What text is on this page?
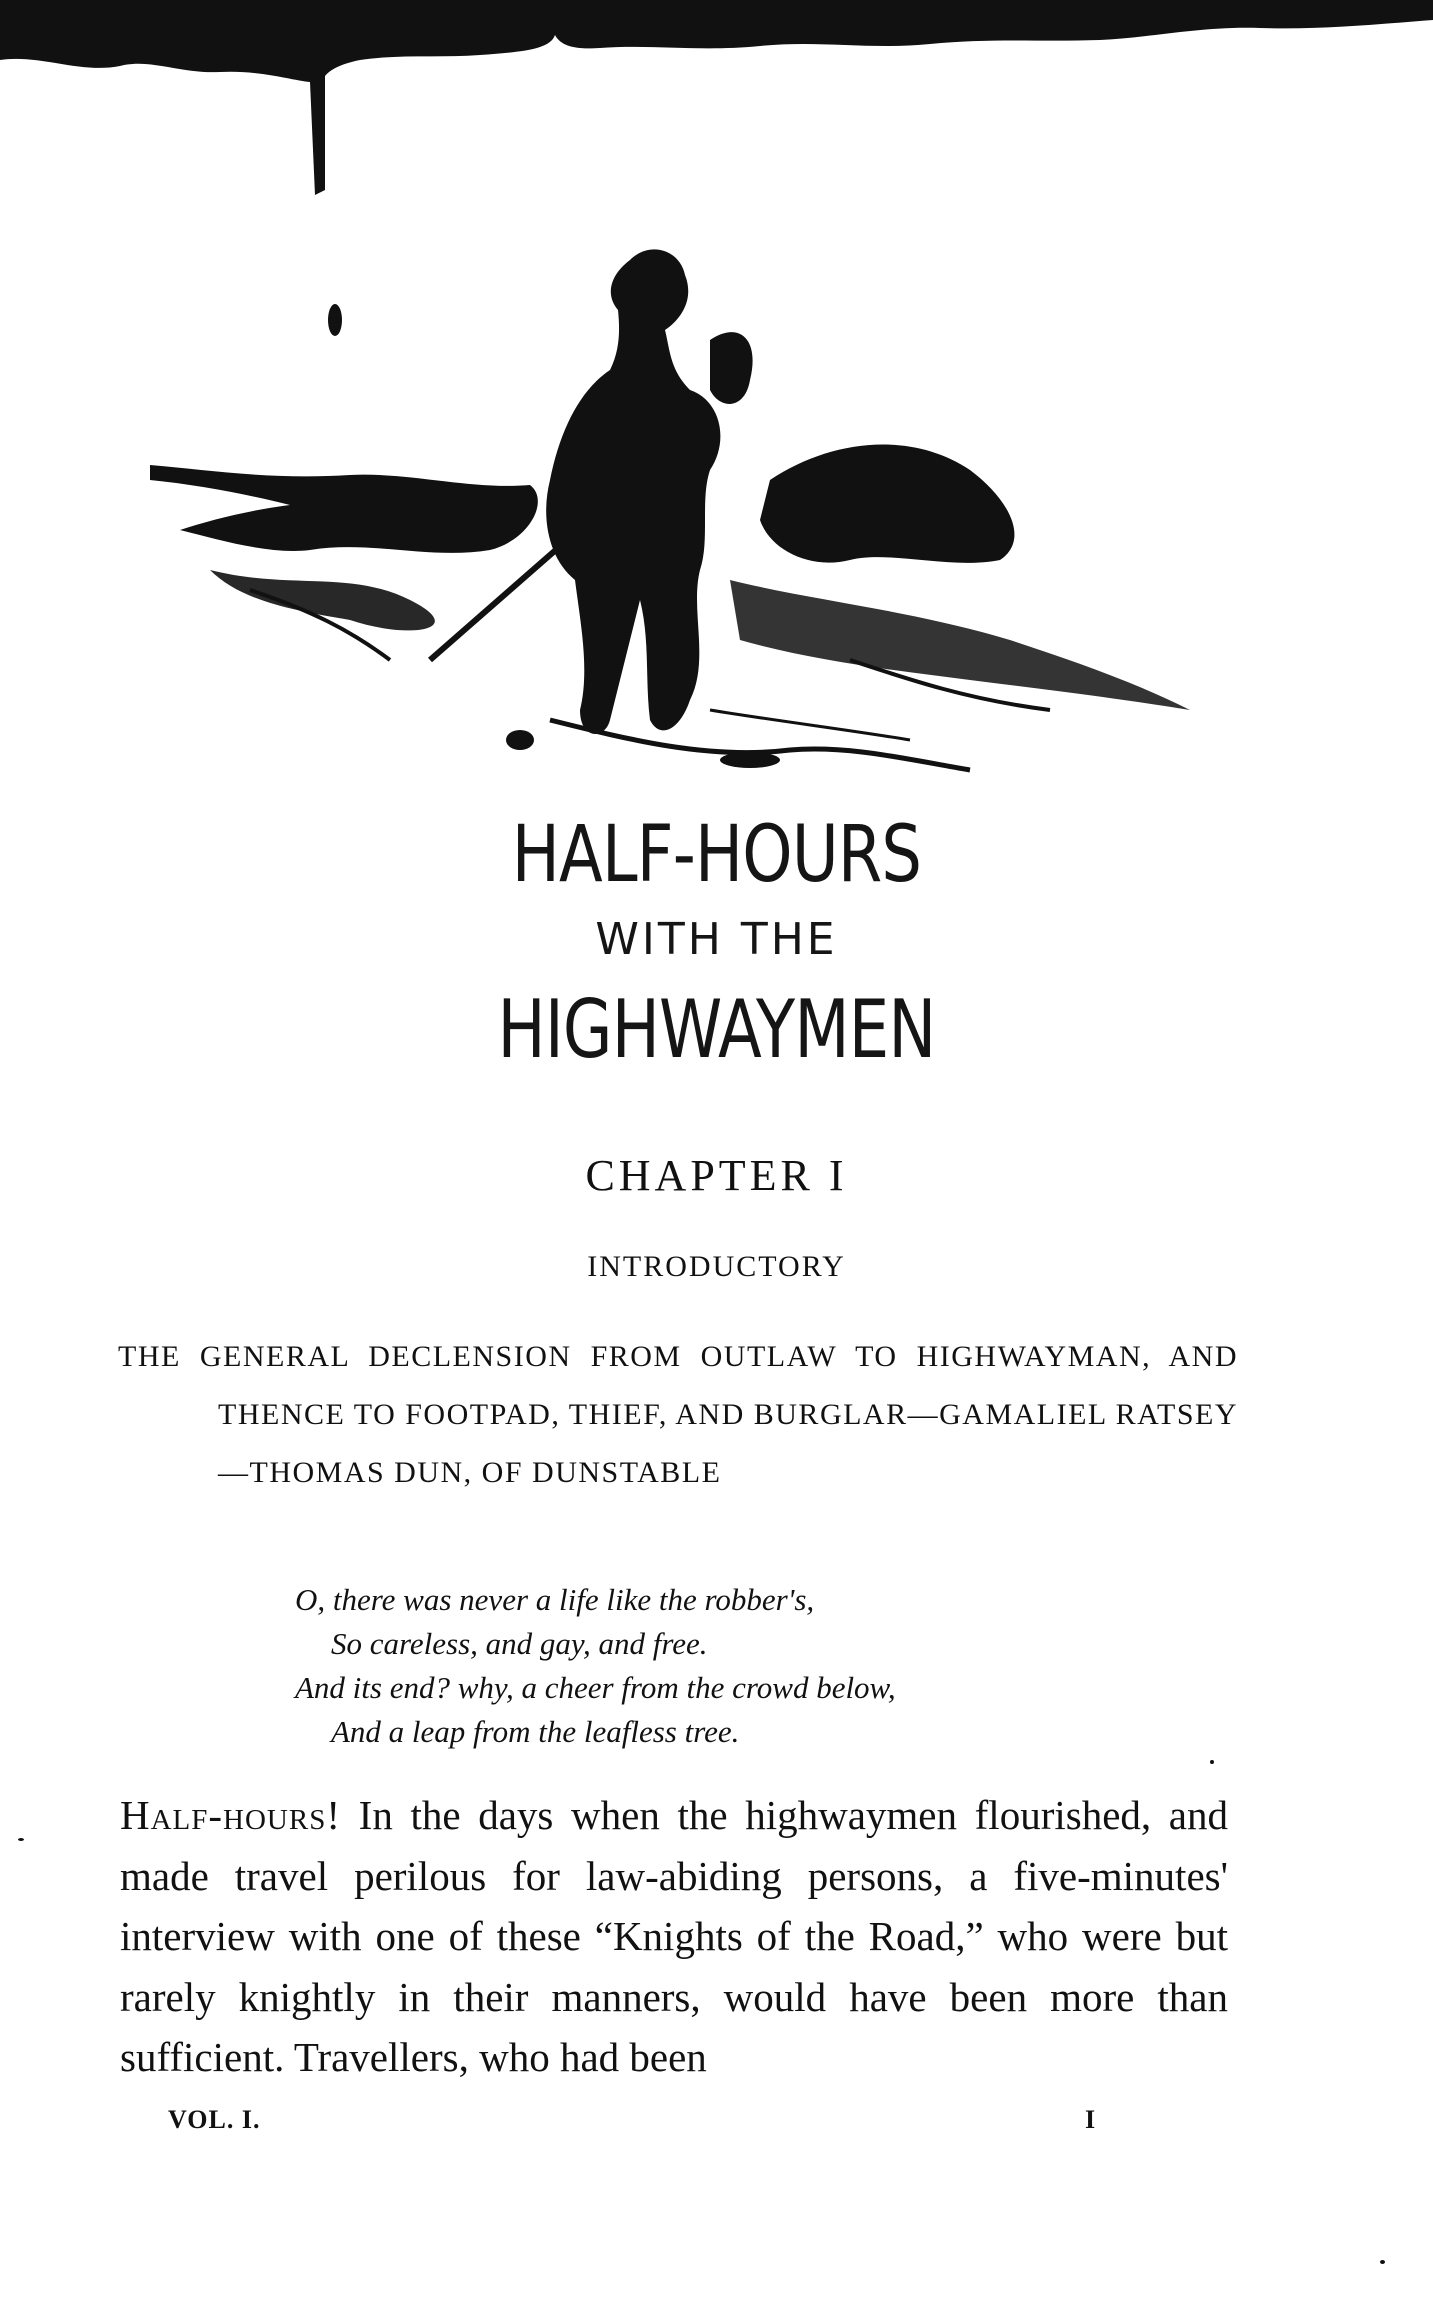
HALF-HOURS
WITH THE
HIGHWAYMEN
CHAPTER I
INTRODUCTORY
THE GENERAL DECLENSION FROM OUTLAW TO HIGHWAYMAN, AND THENCE TO FOOTPAD, THIEF, AND BURGLAR—GAMALIEL RATSEY—THOMAS DUN, OF DUNSTABLE
O, there was never a life like the robber's,
So careless, and gay, and free.
And its end? why, a cheer from the crowd below,
And a leap from the leafless tree.
Half-hours! In the days when the highwaymen flourished, and made travel perilous for law-abiding persons, a five-minutes' interview with one of these “Knights of the Road,” who were but rarely knightly in their manners, would have been more than sufficient. Travellers, who had been
VOL. I.	I
